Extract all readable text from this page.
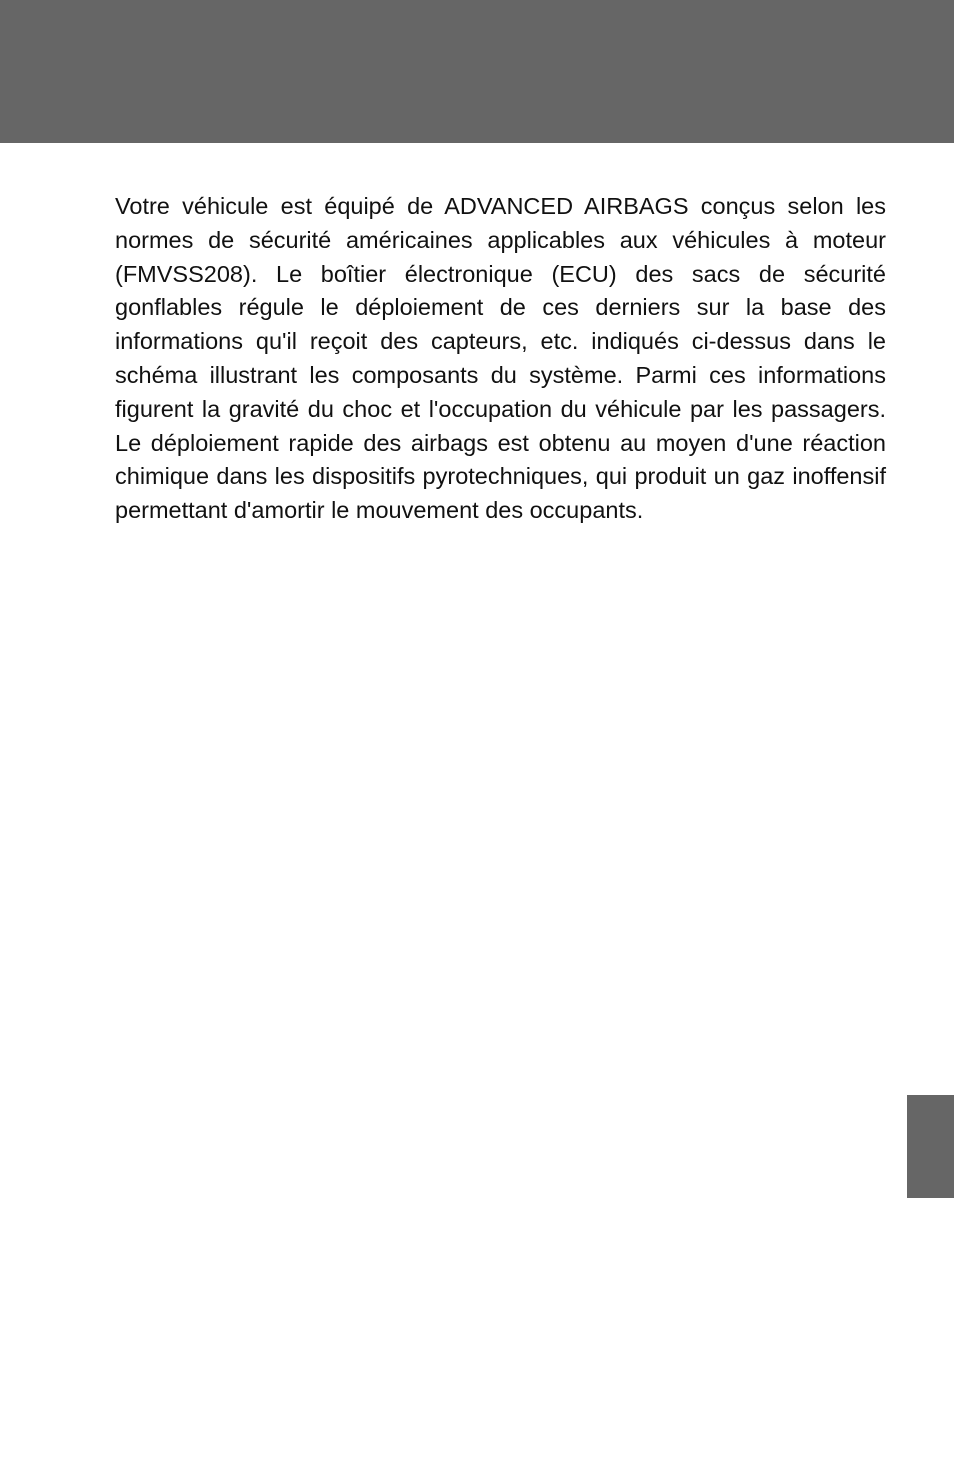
Votre véhicule est équipé de ADVANCED AIRBAGS conçus selon les normes de sécurité américaines applicables aux véhicules à moteur (FMVSS208). Le boîtier électronique (ECU) des sacs de sécurité gonflables régule le déploiement de ces derniers sur la base des informations qu'il reçoit des capteurs, etc. indiqués ci-dessus dans le schéma illustrant les composants du système. Parmi ces informations figurent la gravité du choc et l'occupation du véhicule par les passagers. Le déploiement rapide des airbags est obtenu au moyen d'une réaction chimique dans les dispositifs pyrotechniques, qui produit un gaz inoffensif permettant d'amortir le mouvement des occupants.
